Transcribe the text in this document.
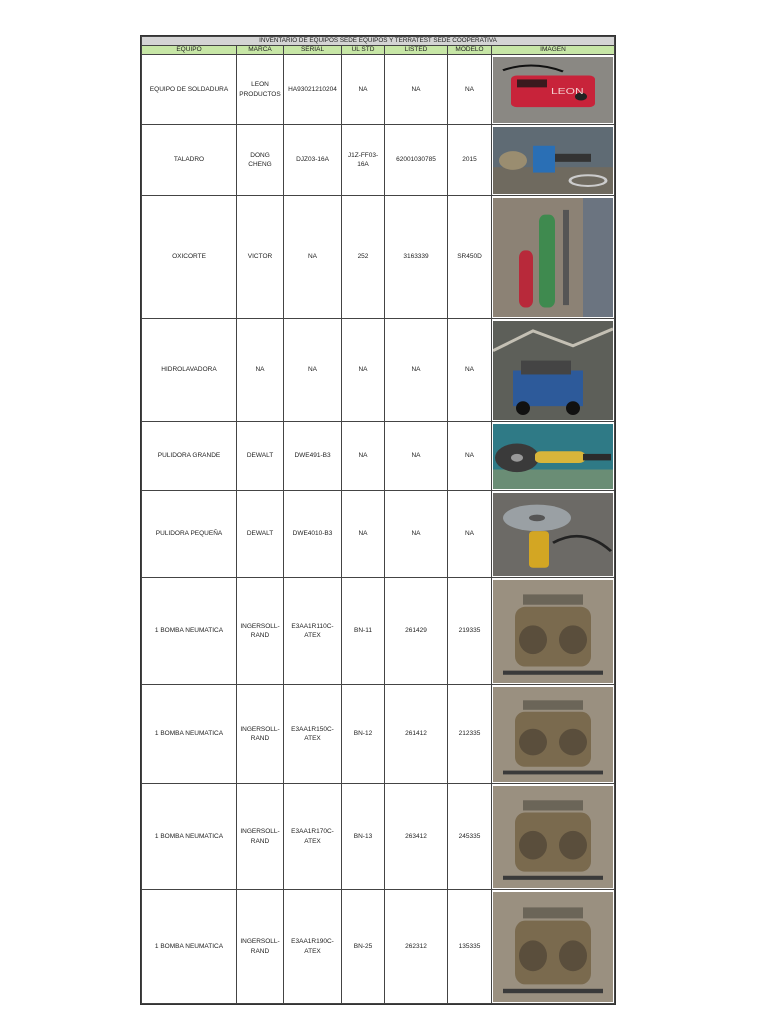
INVENTARIO DE EQUIPOS SEDE EQUIPOS Y TERRATEST SEDE COOPERATIVA						
EQUIPO	MARCA	SERIAL	UL STD	LISTED	MODELO	IMAGEN
EQUIPO DE SOLDADURA	LEON PRODUCTOS	HA93021210204	NA	NA	NA	LEON

TALADRO	DONG CHENG	DJZ03-16A	J1Z-FF03-16A	62001030785	2015	

OXICORTE	VICTOR	NA	252	3163339	SR450D	

HIDROLAVADORA	NA	NA	NA	NA	NA	

PULIDORA GRANDE	DEWALT	DWE491-B3	NA	NA	NA	

PULIDORA PEQUEÑA	DEWALT	DWE4010-B3	NA	NA	NA	

1 BOMBA NEUMATICA	INGERSOLL-RAND	E3AA1R110C-ATEX	BN-11	261429	219335	

1 BOMBA NEUMATICA	INGERSOLL-RAND	E3AA1R150C-ATEX	BN-12	261412	212335	

1 BOMBA NEUMATICA	INGERSOLL-RAND	E3AA1R170C-ATEX	BN-13	263412	245335	

1 BOMBA NEUMATICA	INGERSOLL-RAND	E3AA1R190C-ATEX	BN-25	262312	135335	
